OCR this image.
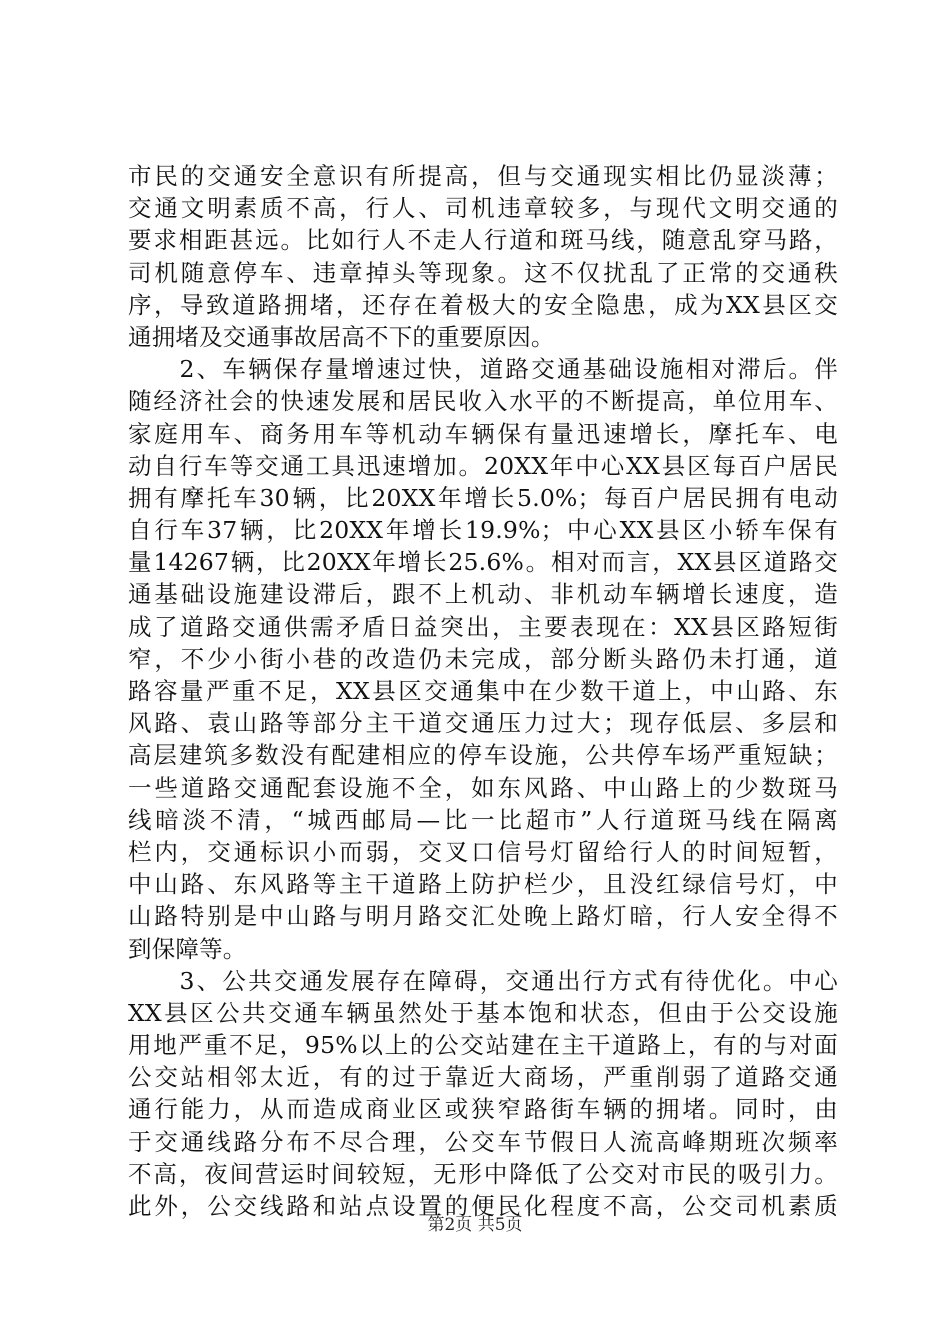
市民的交通安全意识有所提高，但与交通现实相比仍显淡薄；
交通文明素质不高，行人、司机违章较多，与现代文明交通的
要求相距甚远。比如行人不走人行道和斑马线，随意乱穿马路，
司机随意停车、违章掉头等现象。这不仅扰乱了正常的交通秩
序，导致道路拥堵，还存在着极大的安全隐患，成为XX县区交
通拥堵及交通事故居高不下的重要原因。
　　2、车辆保存量增速过快，道路交通基础设施相对滞后。伴
随经济社会的快速发展和居民收入水平的不断提高，单位用车、
家庭用车、商务用车等机动车辆保有量迅速增长，摩托车、电
动自行车等交通工具迅速增加。20XX年中心XX县区每百户居民
拥有摩托车30辆，比20XX年增长5.0%；每百户居民拥有电动
自行车37辆，比20XX年增长19.9%；中心XX县区小轿车保有
量14267辆，比20XX年增长25.6%。相对而言，XX县区道路交
通基础设施建设滞后，跟不上机动、非机动车辆增长速度，造
成了道路交通供需矛盾日益突出，主要表现在：XX县区路短街
窄，不少小街小巷的改造仍未完成，部分断头路仍未打通，道
路容量严重不足，XX县区交通集中在少数干道上，中山路、东
风路、袁山路等部分主干道交通压力过大；现存低层、多层和
高层建筑多数没有配建相应的停车设施，公共停车场严重短缺；
一些道路交通配套设施不全，如东风路、中山路上的少数斑马
线暗淡不清，“城西邮局—比一比超市”人行道斑马线在隔离
栏内，交通标识小而弱，交叉口信号灯留给行人的时间短暂，
中山路、东风路等主干道路上防护栏少，且没红绿信号灯，中
山路特别是中山路与明月路交汇处晚上路灯暗，行人安全得不
到保障等。
　　3、公共交通发展存在障碍，交通出行方式有待优化。中心
XX县区公共交通车辆虽然处于基本饱和状态，但由于公交设施
用地严重不足，95%以上的公交站建在主干道路上，有的与对面
公交站相邻太近，有的过于靠近大商场，严重削弱了道路交通
通行能力，从而造成商业区或狭窄路街车辆的拥堵。同时，由
于交通线路分布不尽合理，公交车节假日人流高峰期班次频率
不高，夜间营运时间较短，无形中降低了公交对市民的吸引力。
此外，公交线路和站点设置的便民化程度不高，公交司机素质
第2页 共5页
